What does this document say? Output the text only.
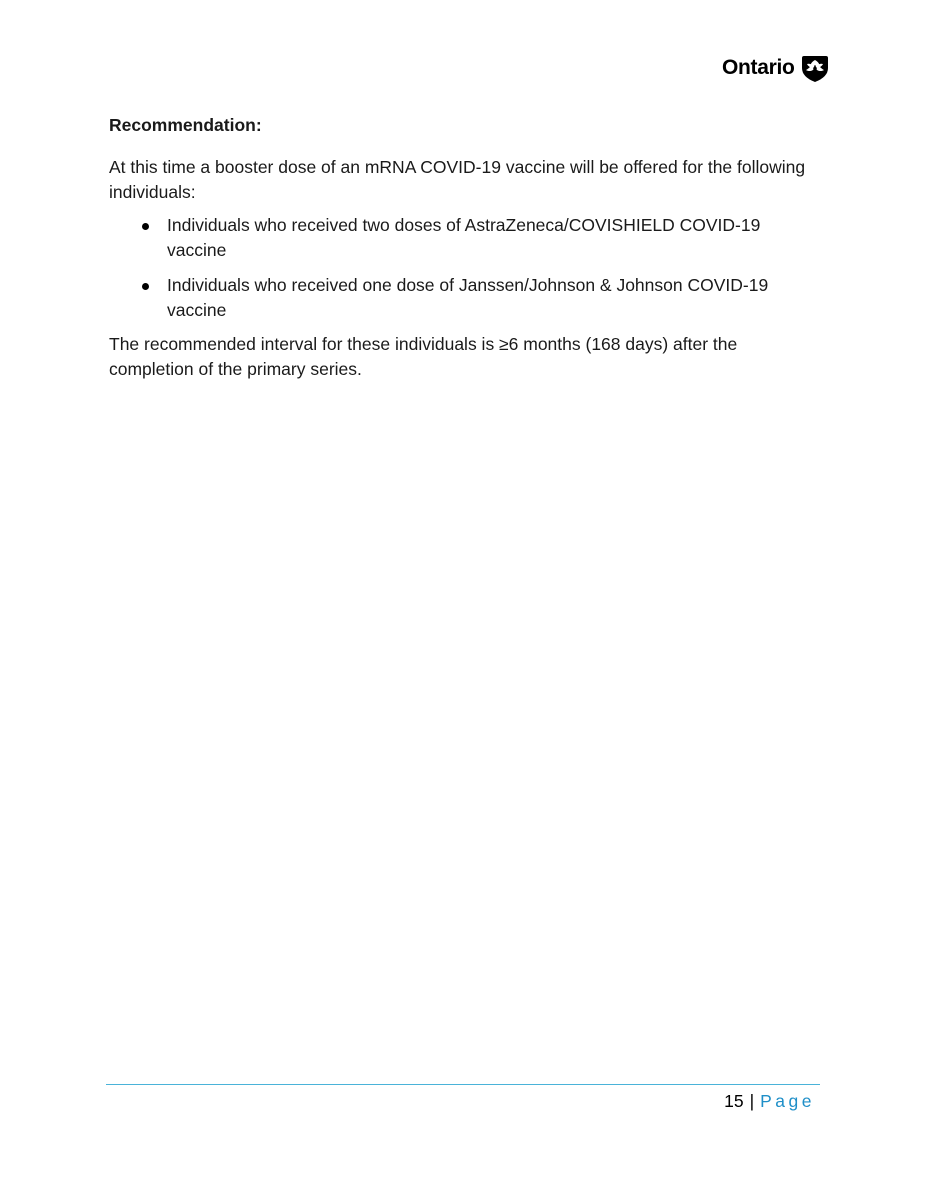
Ontario

Recommendation:

At this time a booster dose of an mRNA COVID-19 vaccine will be offered for the following individuals:

Individuals who received two doses of AstraZeneca/COVISHIELD COVID-19 vaccine
Individuals who received one dose of Janssen/Johnson & Johnson COVID-19 vaccine

The recommended interval for these individuals is ≥6 months (168 days) after the completion of the primary series.

15 | Page
